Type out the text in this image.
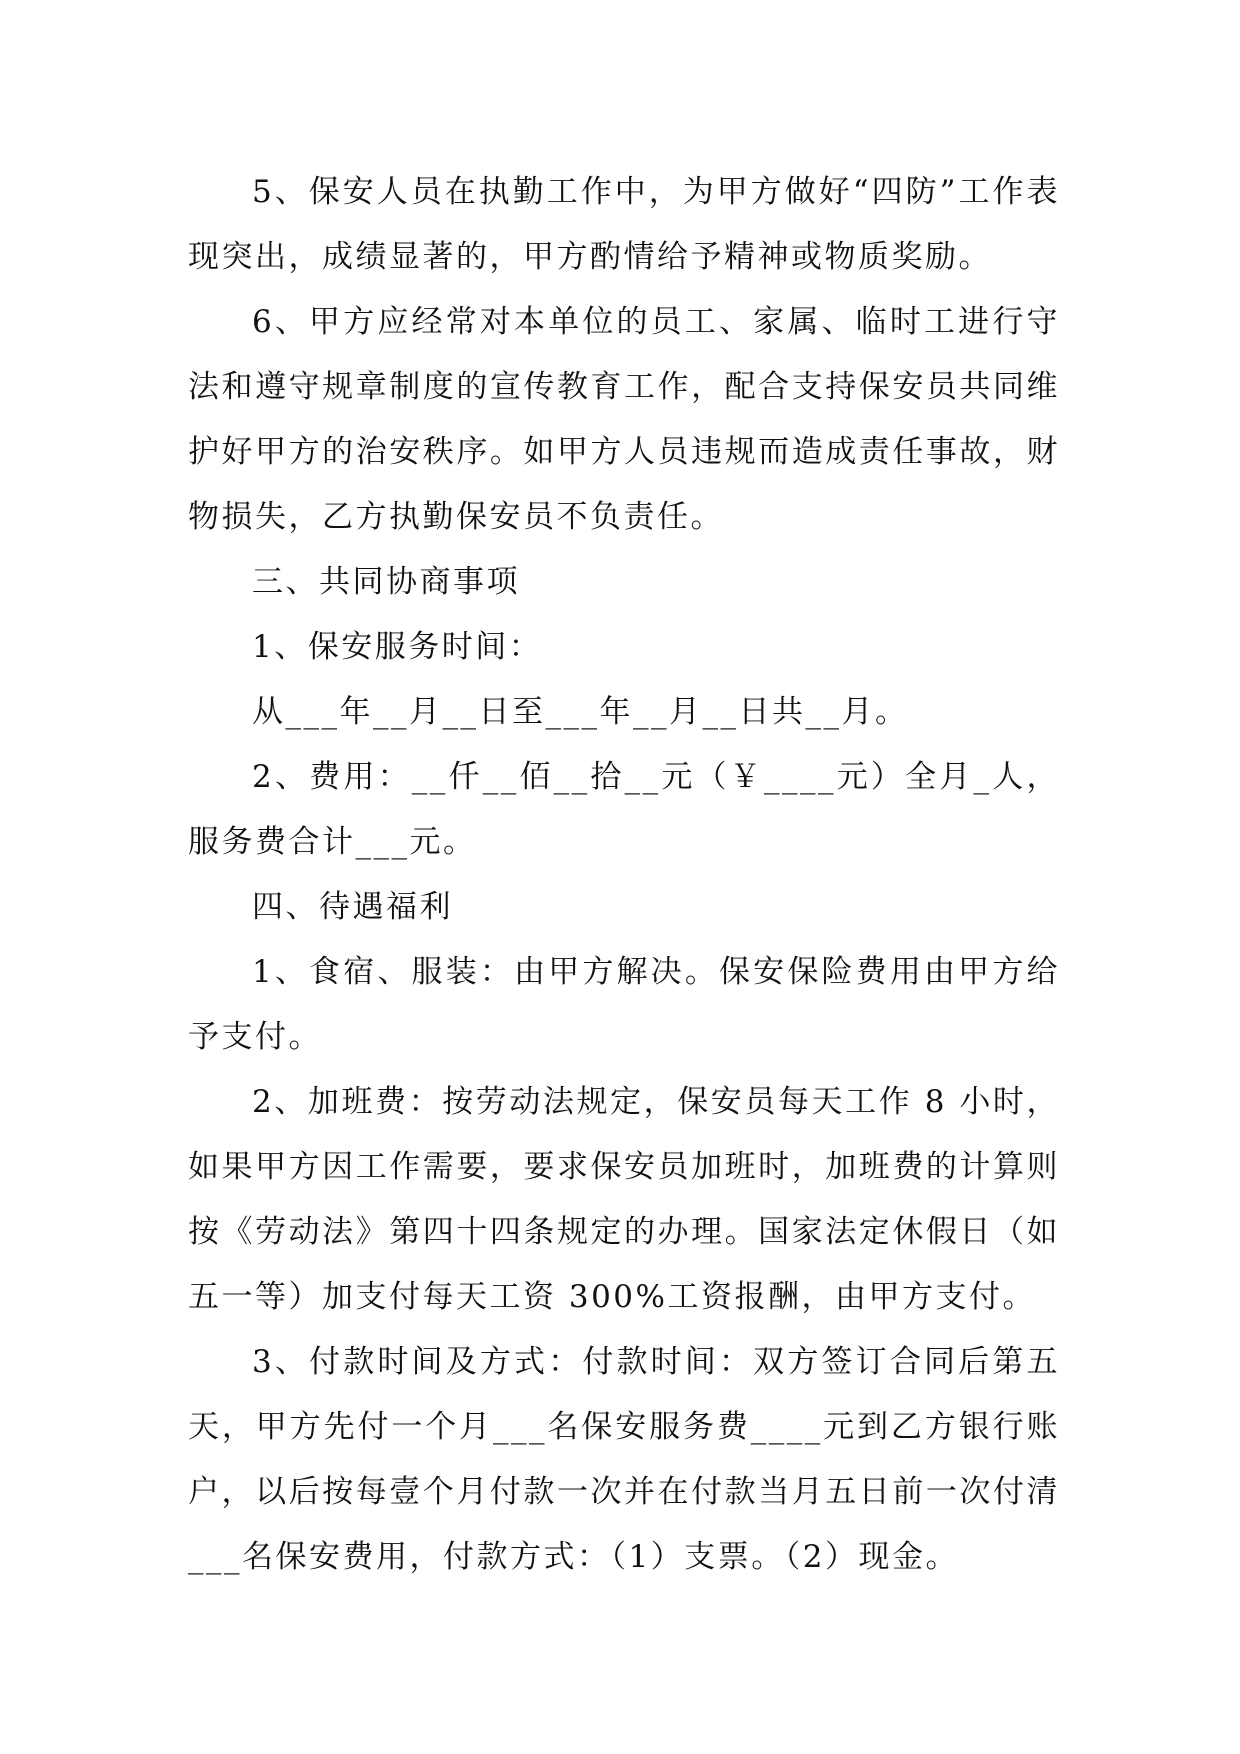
5、保安人员在执勤工作中，为甲方做好“四防”工作表现突出，成绩显著的，甲方酌情给予精神或物质奖励。

6、甲方应经常对本单位的员工、家属、临时工进行守法和遵守规章制度的宣传教育工作，配合支持保安员共同维护好甲方的治安秩序。如甲方人员违规而造成责任事故，财物损失，乙方执勤保安员不负责任。

三、共同协商事项

1、保安服务时间：

从___年__月__日至___年__月__日共__月。

2、费用：__仟__佰__拾__元（￥____元）全月_人，服务费合计___元。

四、待遇福利

1、食宿、服装：由甲方解决。保安保险费用由甲方给予支付。

2、加班费：按劳动法规定，保安员每天工作 8 小时，如果甲方因工作需要，要求保安员加班时，加班费的计算则按《劳动法》第四十四条规定的办理。国家法定休假日（如五一等）加支付每天工资 300%工资报酬，由甲方支付。

3、付款时间及方式：付款时间：双方签订合同后第五天，甲方先付一个月___名保安服务费____元到乙方银行账户，以后按每壹个月付款一次并在付款当月五日前一次付清___名保安费用，付款方式：（1）支票。（2）现金。
